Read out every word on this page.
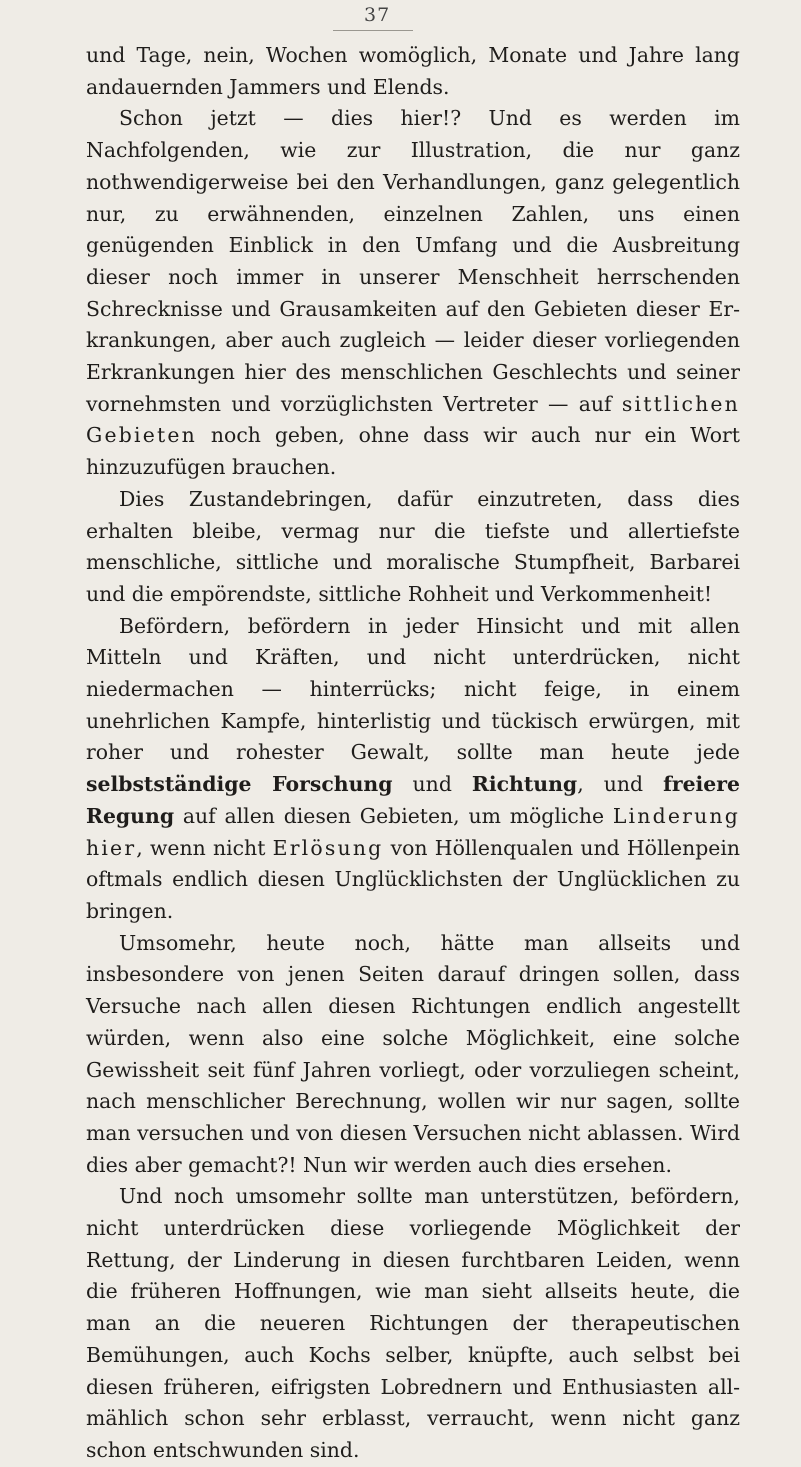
37

und Tage, nein, Wochen womöglich, Monate und Jahre lang andauernden Jammers und Elends.

Schon jetzt — dies hier!? Und es werden im Nachfolgenden, wie zur Illustration, die nur ganz nothwendigerweise bei den Verhandlungen, ganz gelegentlich nur, zu erwähnenden, einzelnen Zahlen, uns einen genügenden Einblick in den Umfang und die Ausbreitung dieser noch immer in unserer Menschheit herrschenden Schrecknisse und Grausamkeiten auf den Gebieten dieser Erkrankungen, aber auch zugleich — leider dieser vorliegenden Erkrankungen hier des menschlichen Geschlechts und seiner vornehmsten und vorzüglichsten Vertreter — auf sittlichen Gebieten noch geben, ohne dass wir auch nur ein Wort hinzuzufügen brauchen.

Dies Zustandebringen, dafür einzutreten, dass dies erhalten bleibe, vermag nur die tiefste und allertiefste menschliche, sittliche und moralische Stumpfheit, Barbarei und die empörendste, sittliche Rohheit und Verkommenheit!

Befördern, befördern in jeder Hinsicht und mit allen Mitteln und Kräften, und nicht unterdrücken, nicht niedermachen — hinterrücks; nicht feige, in einem unehrlichen Kampfe, hinterlistig und tückisch erwürgen, mit roher und rohester Gewalt, sollte man heute jede selbstständige Forschung und Richtung, und freiere Regung auf allen diesen Gebieten, um mögliche Linderung hier, wenn nicht Erlösung von Höllenqualen und Höllenpein oftmals endlich diesen Unglücklichsten der Unglücklichen zu bringen.

Umsomehr, heute noch, hätte man allseits und insbesondere von jenen Seiten darauf dringen sollen, dass Versuche nach allen diesen Richtungen endlich angestellt würden, wenn also eine solche Möglichkeit, eine solche Gewissheit seit fünf Jahren vorliegt, oder vorzuliegen scheint, nach menschlicher Berechnung, wollen wir nur sagen, sollte man versuchen und von diesen Versuchen nicht ablassen. Wird dies aber gemacht?! Nun wir werden auch dies ersehen.

Und noch umsomehr sollte man unterstützen, befördern, nicht unterdrücken diese vorliegende Möglichkeit der Rettung, der Linderung in diesen furchtbaren Leiden, wenn die früheren Hoffnungen, wie man sieht allseits heute, die man an die neueren Richtungen der therapeutischen Bemühungen, auch Kochs selber, knüpfte, auch selbst bei diesen früheren, eifrigsten Lobrednern und Enthusiasten allmählich schon sehr erblasst, verraucht, wenn nicht ganz schon entschwunden sind.
